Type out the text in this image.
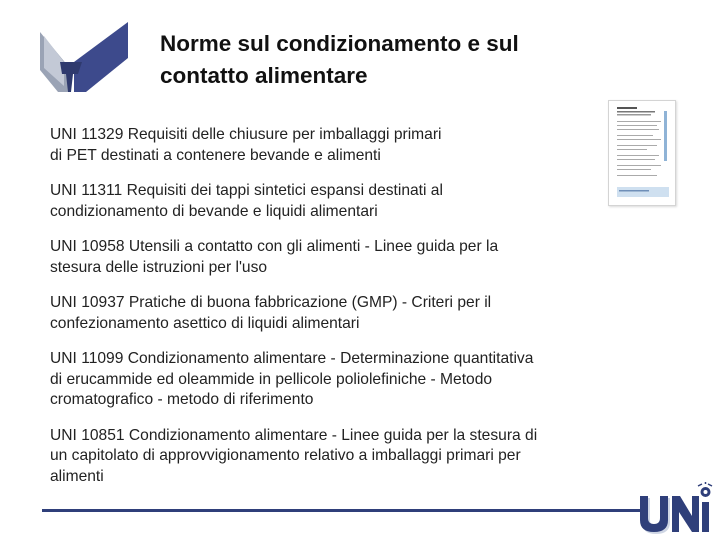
Norme sul condizionamento e sul
contatto alimentare
UNI 11329 Requisiti delle chiusure per imballaggi primari
di PET destinati a contenere bevande e alimenti
UNI 11311 Requisiti dei tappi sintetici espansi destinati al
condizionamento di bevande e liquidi alimentari
UNI 10958 Utensili a contatto con gli alimenti - Linee guida per la
stesura delle istruzioni per l'uso
UNI 10937 Pratiche di buona fabbricazione (GMP) - Criteri per il
confezionamento asettico di liquidi alimentari
UNI 11099 Condizionamento alimentare - Determinazione quantitativa
di erucammide ed oleammide in pellicole poliolefiniche - Metodo
cromatografico - metodo di riferimento
UNI 10851 Condizionamento alimentare - Linee guida per la stesura di
un capitolato di approvvigionamento relativo a imballaggi primari per
alimenti
